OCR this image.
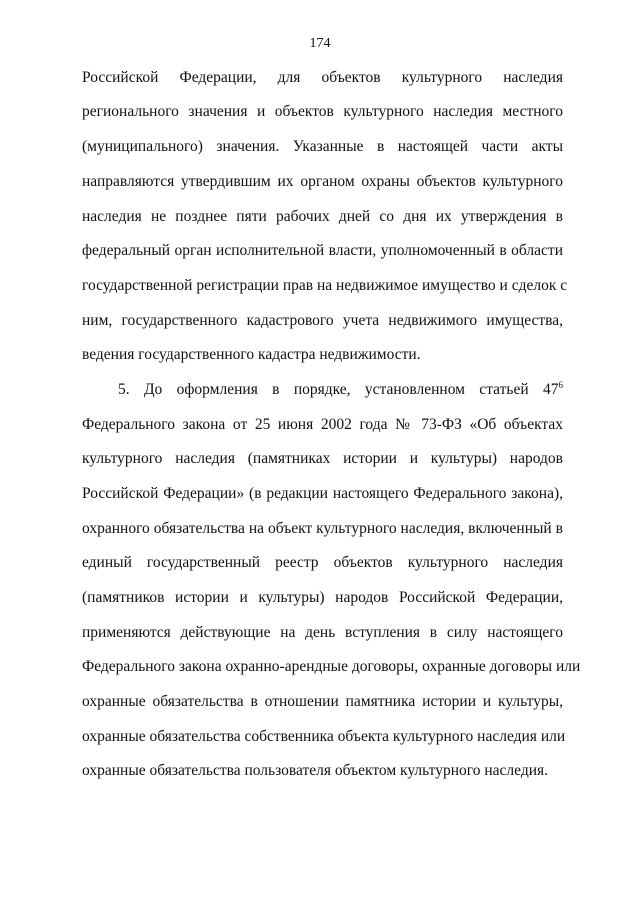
174
Российской Федерации, для объектов культурного наследия
регионального значения и объектов культурного наследия местного
(муниципального) значения. Указанные в настоящей части акты
направляются утвердившим их органом охраны объектов культурного
наследия не позднее пяти рабочих дней со дня их утверждения в
федеральный орган исполнительной власти, уполномоченный в области
государственной регистрации прав на недвижимое имущество и сделок с
ним, государственного кадастрового учета недвижимого имущества,
ведения государственного кадастра недвижимости.
5. До оформления в порядке, установленном статьей $47^6$
Федерального закона от 25 июня 2002 года № 73-ФЗ «Об объектах
культурного наследия (памятниках истории и культуры) народов
Российской Федерации» (в редакции настоящего Федерального закона),
охранного обязательства на объект культурного наследия, включенный в
единый государственный реестр объектов культурного наследия
(памятников истории и культуры) народов Российской Федерации,
применяются действующие на день вступления в силу настоящего
Федерального закона охранно-арендные договоры, охранные договоры или
охранные обязательства в отношении памятника истории и культуры,
охранные обязательства собственника объекта культурного наследия или
охранные обязательства пользователя объектом культурного наследия.
